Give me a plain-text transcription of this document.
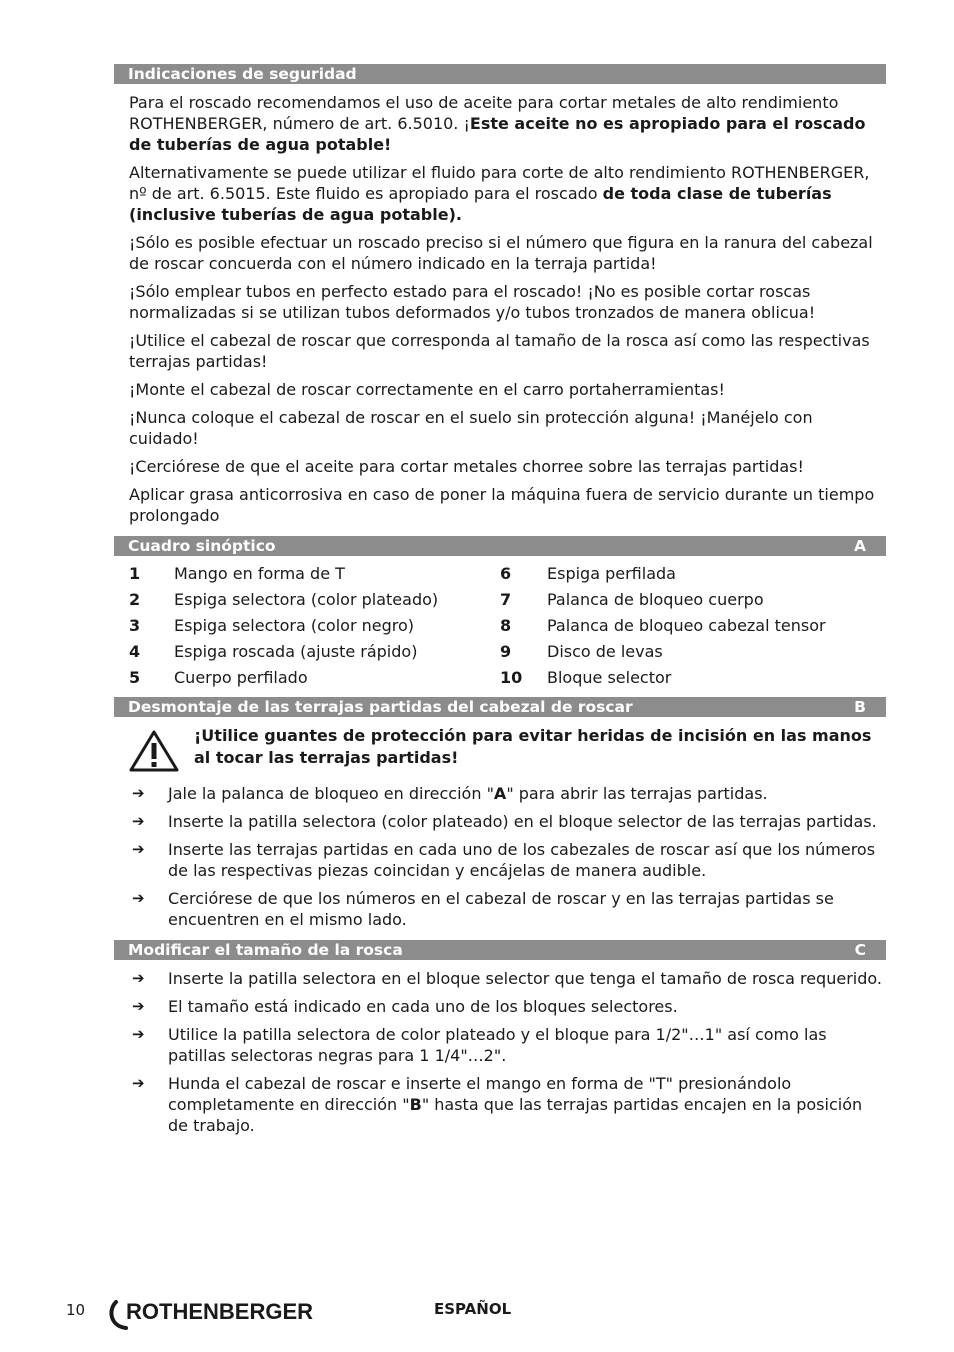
Indicaciones de seguridad

Para el roscado recomendamos el uso de aceite para cortar metales de alto rendimiento ROTHENBERGER, número de art. 6.5010. ¡Este aceite no es apropiado para el roscado de tuberías de agua potable!

Alternativamente se puede utilizar el fluido para corte de alto rendimiento ROTHENBERGER, nº de art. 6.5015. Este fluido es apropiado para el roscado de toda clase de tuberías (inclusive tuberías de agua potable).

¡Sólo es posible efectuar un roscado preciso si el número que figura en la ranura del cabezal de roscar concuerda con el número indicado en la terraja partida!

¡Sólo emplear tubos en perfecto estado para el roscado! ¡No es posible cortar roscas normalizadas si se utilizan tubos deformados y/o tubos tronzados de manera oblicua!

¡Utilice el cabezal de roscar que corresponda al tamaño de la rosca así como las respectivas terrajas partidas!

¡Monte el cabezal de roscar correctamente en el carro portaherramientas!

¡Nunca coloque el cabezal de roscar en el suelo sin protección alguna! ¡Manéjelo con cuidado!

¡Cerciórese de que el aceite para cortar metales chorree sobre las terrajas partidas!

Aplicar grasa anticorrosiva en caso de poner la máquina fuera de servicio durante un tiempo prolongado

Cuadro sinóptico	A
1	Mango en forma de T	6	Espiga perfilada
2	Espiga selectora (color plateado)	7	Palanca de bloqueo cuerpo
3	Espiga selectora (color negro)	8	Palanca de bloqueo cabezal tensor
4	Espiga roscada (ajuste rápido)	9	Disco de levas
5	Cuerpo perfilado	10	Bloque selector
Desmontaje de las terrajas partidas del cabezal de roscar	B
¡Utilice guantes de protección para evitar heridas de incisión en las manos al tocar las terrajas partidas!
➔	Jale la palanca de bloqueo en dirección "A" para abrir las terrajas partidas.
➔	Inserte la patilla selectora (color plateado) en el bloque selector de las terrajas partidas.
➔	Inserte las terrajas partidas en cada uno de los cabezales de roscar así que los números de las respectivas piezas coincidan y encájelas de manera audible.
➔	Cerciórese de que los números en el cabezal de roscar y en las terrajas partidas se encuentren en el mismo lado.
Modificar el tamaño de la rosca	C
➔	Inserte la patilla selectora en el bloque selector que tenga el tamaño de rosca requerido.
➔	El tamaño está indicado en cada uno de los bloques selectores.
➔	Utilice la patilla selectora de color plateado y el bloque para 1/2"…1" así como las patillas selectoras negras para 1 1/4"…2".
➔	Hunda el cabezal de roscar e inserte el mango en forma de "T" presionándolo completamente en dirección "B" hasta que las terrajas partidas encajen en la posición de trabajo.
10 ROTHENBERGER	ESPAÑOL
